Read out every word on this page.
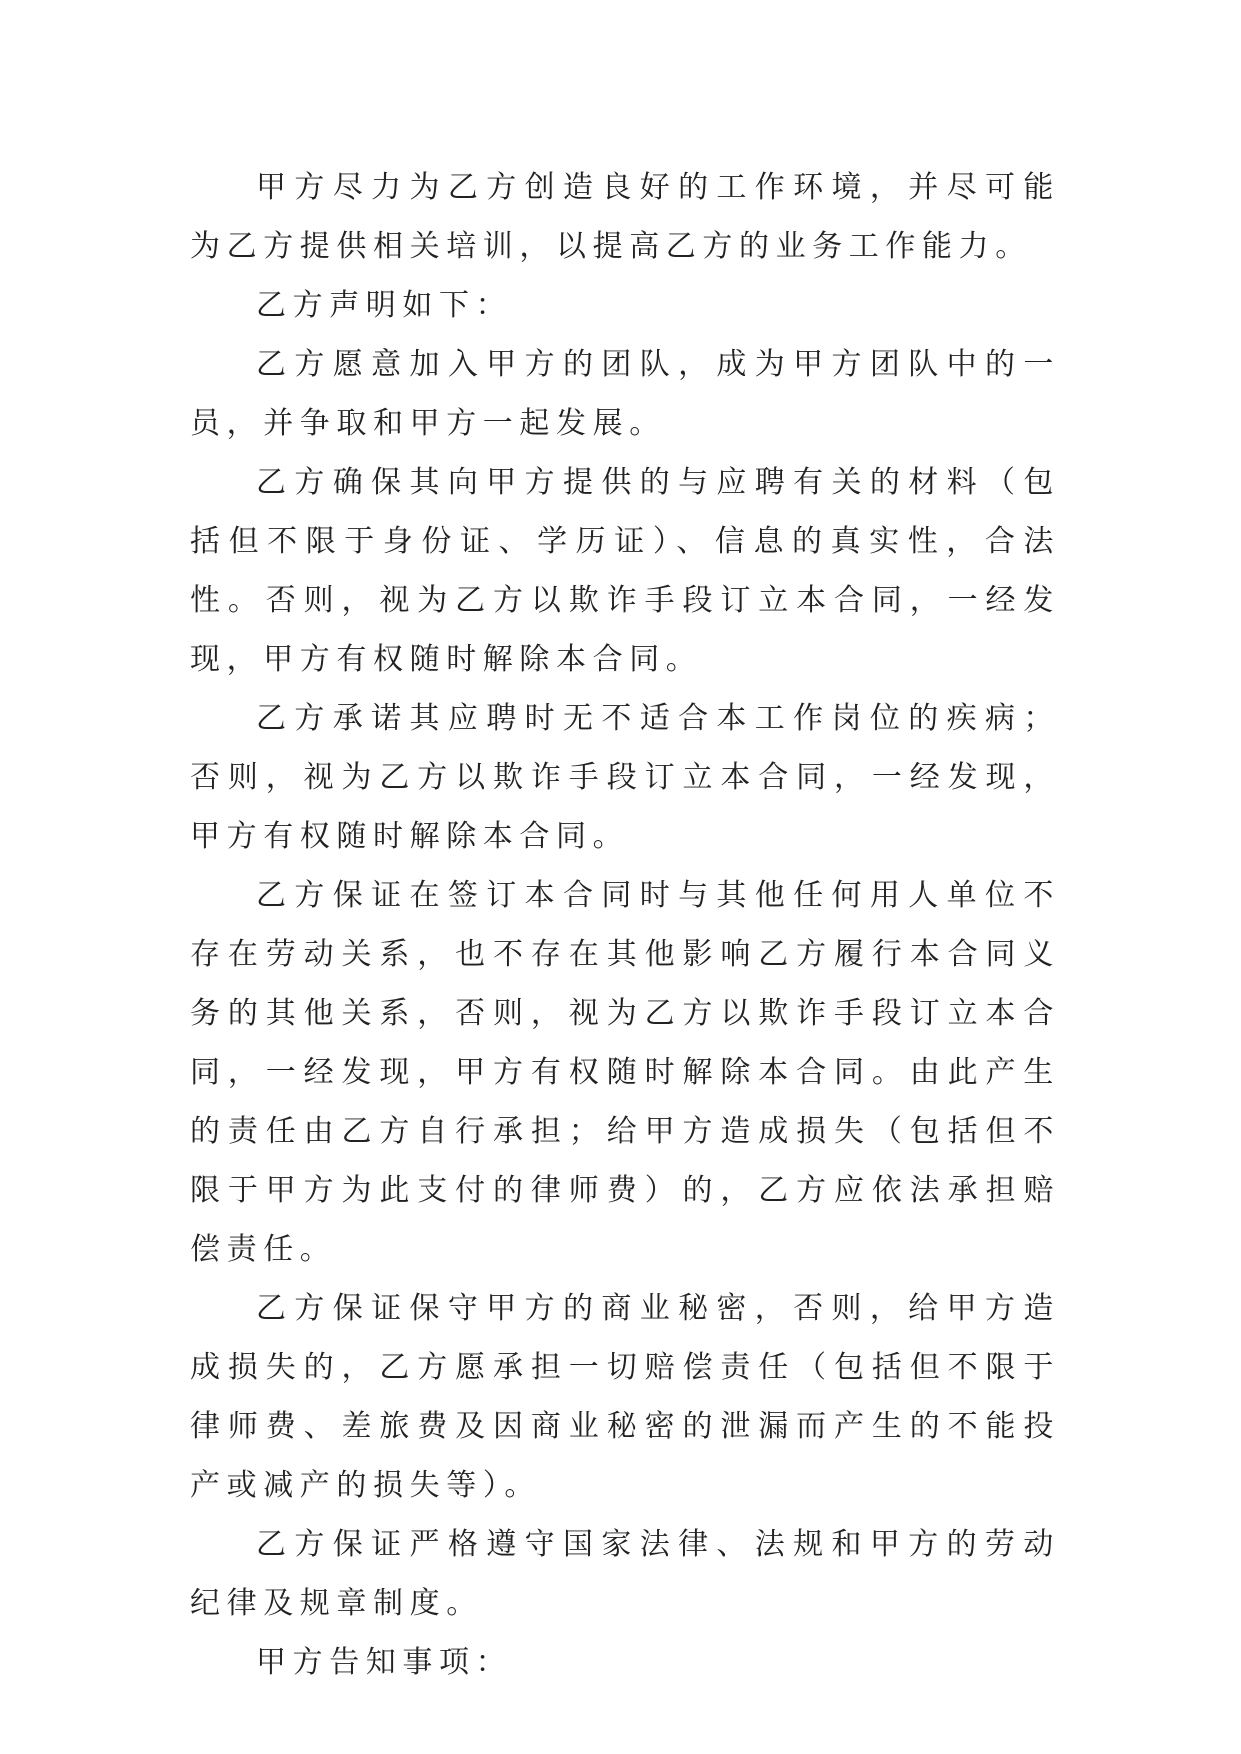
甲方尽力为乙方创造良好的工作环境，并尽可能为乙方提供相关培训，以提高乙方的业务工作能力。

乙方声明如下：

乙方愿意加入甲方的团队，成为甲方团队中的一员，并争取和甲方一起发展。

乙方确保其向甲方提供的与应聘有关的材料（包括但不限于身份证、学历证）、信息的真实性，合法性。否则，视为乙方以欺诈手段订立本合同，一经发现，甲方有权随时解除本合同。

乙方承诺其应聘时无不适合本工作岗位的疾病；否则，视为乙方以欺诈手段订立本合同，一经发现，甲方有权随时解除本合同。

乙方保证在签订本合同时与其他任何用人单位不存在劳动关系，也不存在其他影响乙方履行本合同义务的其他关系，否则，视为乙方以欺诈手段订立本合同，一经发现，甲方有权随时解除本合同。由此产生的责任由乙方自行承担；给甲方造成损失（包括但不限于甲方为此支付的律师费）的，乙方应依法承担赔偿责任。

乙方保证保守甲方的商业秘密，否则，给甲方造成损失的，乙方愿承担一切赔偿责任（包括但不限于律师费、差旅费及因商业秘密的泄漏而产生的不能投产或减产的损失等）。

乙方保证严格遵守国家法律、法规和甲方的劳动纪律及规章制度。

甲方告知事项：
